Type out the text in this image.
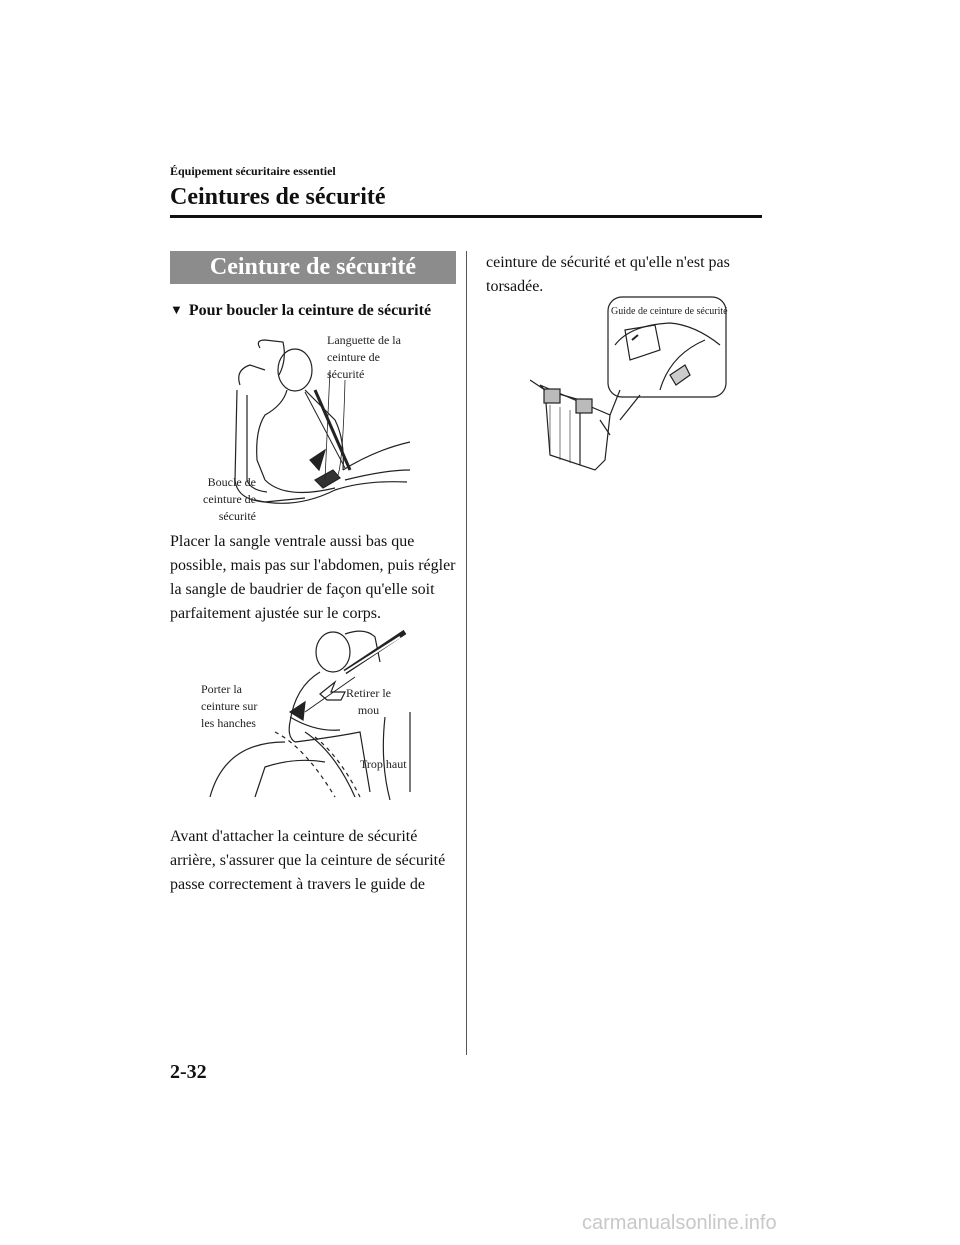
Équipement sécuritaire essentiel
Ceintures de sécurité
Ceinture de sécurité
▼ Pour boucler la ceinture de sécurité
Languette de la
ceinture de
sécurité
Boucle de
ceinture de
sécurité
Placer la sangle ventrale aussi bas que possible, mais pas sur l'abdomen, puis régler la sangle de baudrier de façon qu'elle soit parfaitement ajustée sur le corps.
Porter la
ceinture sur
les hanches
Retirer le
mou
Trop haut
Avant d'attacher la ceinture de sécurité arrière, s'assurer que la ceinture de sécurité passe correctement à travers le guide de
ceinture de sécurité et qu'elle n'est pas torsadée.
Guide de ceinture de sécurité
2-32
carmanualsonline.info
